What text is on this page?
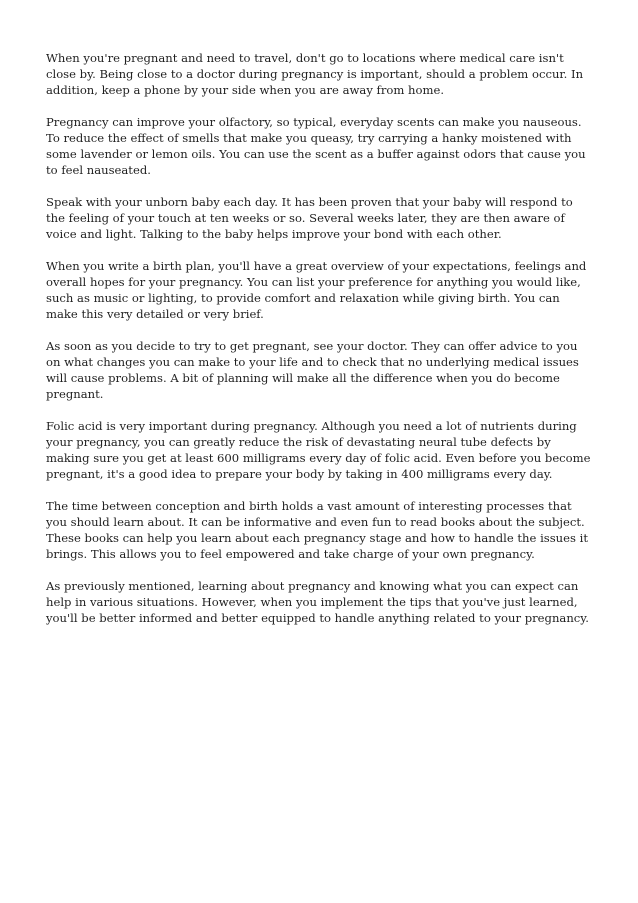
When you're pregnant and need to travel, don't go to locations where medical care isn't close by. Being close to a doctor during pregnancy is important, should a problem occur. In addition, keep a phone by your side when you are away from home.

Pregnancy can improve your olfactory, so typical, everyday scents can make you nauseous. To reduce the effect of smells that make you queasy, try carrying a hanky moistened with some lavender or lemon oils. You can use the scent as a buffer against odors that cause you to feel nauseated.

Speak with your unborn baby each day. It has been proven that your baby will respond to the feeling of your touch at ten weeks or so. Several weeks later, they are then aware of voice and light. Talking to the baby helps improve your bond with each other.

When you write a birth plan, you'll have a great overview of your expectations, feelings and overall hopes for your pregnancy. You can list your preference for anything you would like, such as music or lighting, to provide comfort and relaxation while giving birth. You can make this very detailed or very brief.

As soon as you decide to try to get pregnant, see your doctor. They can offer advice to you on what changes you can make to your life and to check that no underlying medical issues will cause problems. A bit of planning will make all the difference when you do become pregnant.

Folic acid is very important during pregnancy. Although you need a lot of nutrients during your pregnancy, you can greatly reduce the risk of devastating neural tube defects by making sure you get at least 600 milligrams every day of folic acid. Even before you become pregnant, it's a good idea to prepare your body by taking in 400 milligrams every day.

The time between conception and birth holds a vast amount of interesting processes that you should learn about. It can be informative and even fun to read books about the subject. These books can help you learn about each pregnancy stage and how to handle the issues it brings. This allows you to feel empowered and take charge of your own pregnancy.

As previously mentioned, learning about pregnancy and knowing what you can expect can help in various situations. However, when you implement the tips that you've just learned, you'll be better informed and better equipped to handle anything related to your pregnancy.
